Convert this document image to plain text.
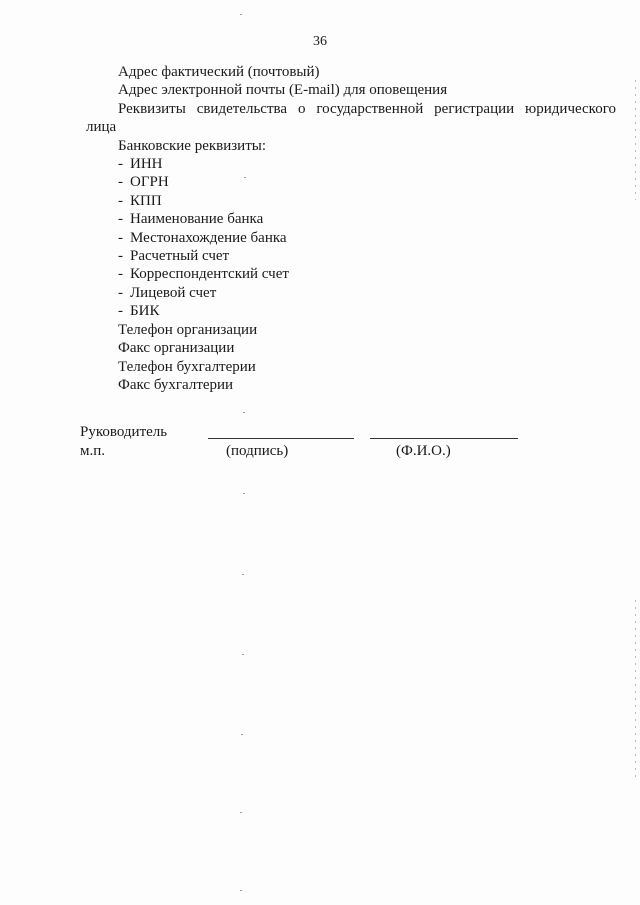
36
Адрес фактический (почтовый)
Адрес электронной почты (E-mail) для оповещения
Реквизиты свидетельства о государственной регистрации юридического
лица
Банковские реквизиты:
- ИНН
- ОГРН
- КПП
- Наименование банка
- Местонахождение банка
- Расчетный счет
- Корреспондентский счет
- Лицевой счет
- БИК
Телефон организации
Факс организации
Телефон бухгалтерии
Факс бухгалтерии
Руководитель
м.п.	(подпись)	(Ф.И.О.)
